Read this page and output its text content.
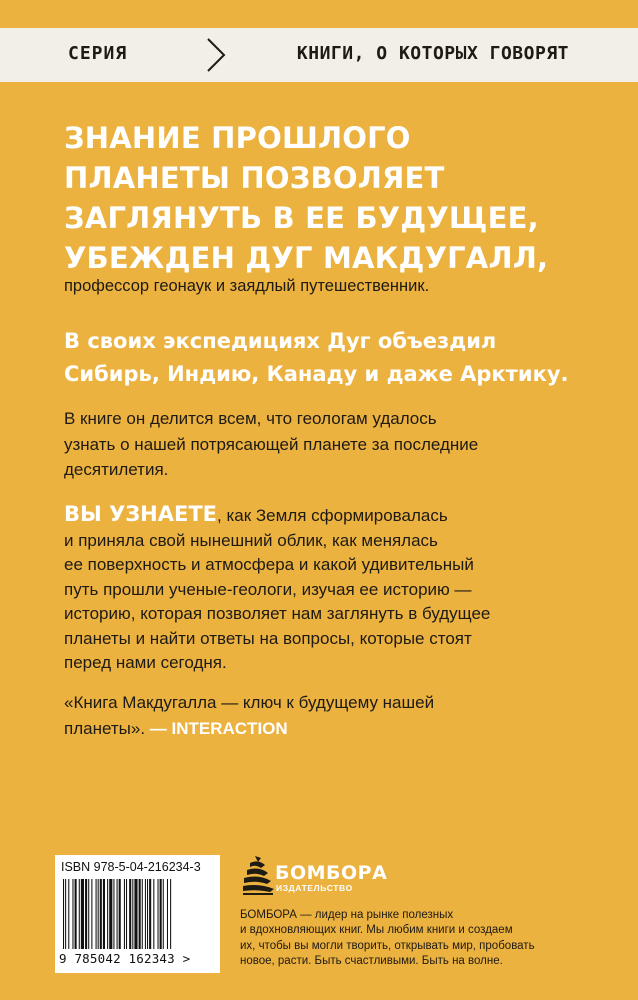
СЕРИЯ	КНИГИ, О КОТОРЫХ ГОВОРЯТ
ЗНАНИЕ ПРОШЛОГО
ПЛАНЕТЫ ПОЗВОЛЯЕТ
ЗАГЛЯНУТЬ В ЕЕ БУДУЩЕЕ,
УБЕЖДЕН ДУГ МАКДУГАЛЛ,
профессор геонаук и заядлый путешественник.
В своих экспедициях Дуг объездил
Сибирь, Индию, Канаду и даже Арктику.
В книге он делится всем, что геологам удалось
узнать о нашей потрясающей планете за последние
десятилетия.
ВЫ УЗНАЕТЕ, как Земля сформировалась
и приняла свой нынешний облик, как менялась
ее поверхность и атмосфера и какой удивительный
путь прошли ученые-геологи, изучая ее историю —
историю, которая позволяет нам заглянуть в будущее
планеты и найти ответы на вопросы, которые стоят
перед нами сегодня.
«Книга Макдугалла — ключ к будущему нашей
планеты». — INTERACTION
ISBN 978-5-04-216234-3
9 785042 162343 >
БОМБОРА
ИЗДАТЕЛЬСТВО
БОМБОРА — лидер на рынке полезных
и вдохновляющих книг. Мы любим книги и создаем
их, чтобы вы могли творить, открывать мир, пробовать
новое, расти. Быть счастливыми. Быть на волне.
